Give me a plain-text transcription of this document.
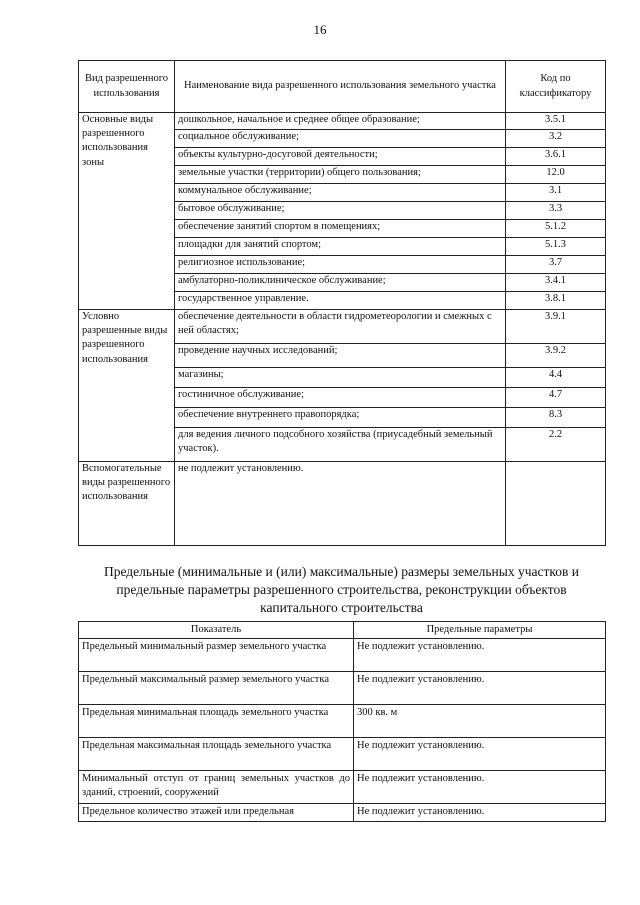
16
Вид разрешенного использования	Наименование вида разрешенного использования земельного участка	Код по классификатору
Основные виды разрешенного использования зоны	дошкольное, начальное и среднее общее образование;	3.5.1
	социальное обслуживание;	3.2
	объекты культурно-досуговой деятельности;	3.6.1
	земельные участки (территории) общего пользования;	12.0
	коммунальное обслуживание;	3.1
	бытовое обслуживание;	3.3
	обеспечение занятий спортом в помещениях;	5.1.2
	площадки для занятий спортом;	5.1.3
	религиозное использование;	3.7
	амбулаторно-поликлиническое обслуживание;	3.4.1
	государственное управление.	3.8.1
Условно разрешенные виды разрешенного использования	обеспечение деятельности в области гидрометеорологии и смежных с ней областях;	3.9.1
	проведение научных исследований;	3.9.2
	магазины;	4.4
	гостиничное обслуживание;	4.7
	обеспечение внутреннего правопорядка;	8.3
	для ведения личного подсобного хозяйства (приусадебный земельный участок).	2.2
Вспомогательные виды разрешенного использования	не подлежит установлению.	
Предельные (минимальные и (или) максимальные) размеры земельных участков и предельные параметры разрешенного строительства, реконструкции объектов капитального строительства
Показатель	Предельные параметры
Предельный минимальный размер земельного участка	Не подлежит установлению.
Предельный максимальный размер земельного участка	Не подлежит установлению.
Предельная минимальная площадь земельного участка	300 кв. м
Предельная максимальная площадь земельного участка	Не подлежит установлению.
Минимальный отступ от границ земельных участков до зданий, строений, сооружений	Не подлежит установлению.
Предельное количество этажей или предельная	Не подлежит установлению.
